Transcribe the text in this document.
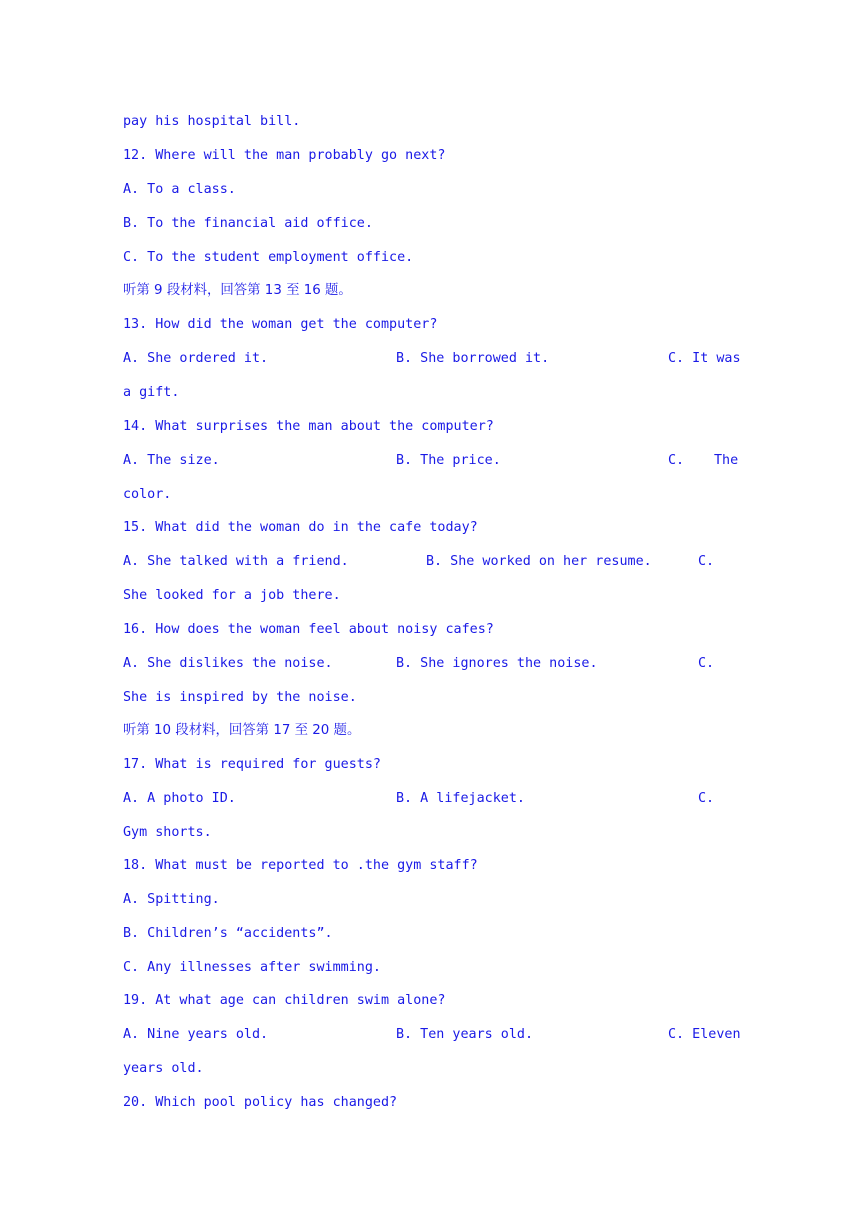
pay his hospital bill.
12. Where will the man probably go next?
A. To a class.
B. To the financial aid office.
C. To the student employment office.
听第 9 段材料，回答第 13 至 16 题。
13. How did the woman get the computer?
A. She ordered it.	B. She borrowed it.	C. It was
a gift.
14. What surprises the man about the computer?
A. The size.	B. The price.	C. The
color.
15. What did the woman do in the cafe today?
A. She talked with a friend.	B. She worked on her resume.	C.
She looked for a job there.
16. How does the woman feel about noisy cafes?
A. She dislikes the noise.	B. She ignores the noise.	C.
She is inspired by the noise.
听第 10 段材料，回答第 17 至 20 题。
17. What is required for guests?
A. A photo ID.	B. A lifejacket.	C.
Gym shorts.
18. What must be reported to .the gym staff?
A. Spitting.
B. Children’s “accidents”.
C. Any illnesses after swimming.
19. At what age can children swim alone?
A. Nine years old.	B. Ten years old.	C. Eleven
years old.
20. Which pool policy has changed?
